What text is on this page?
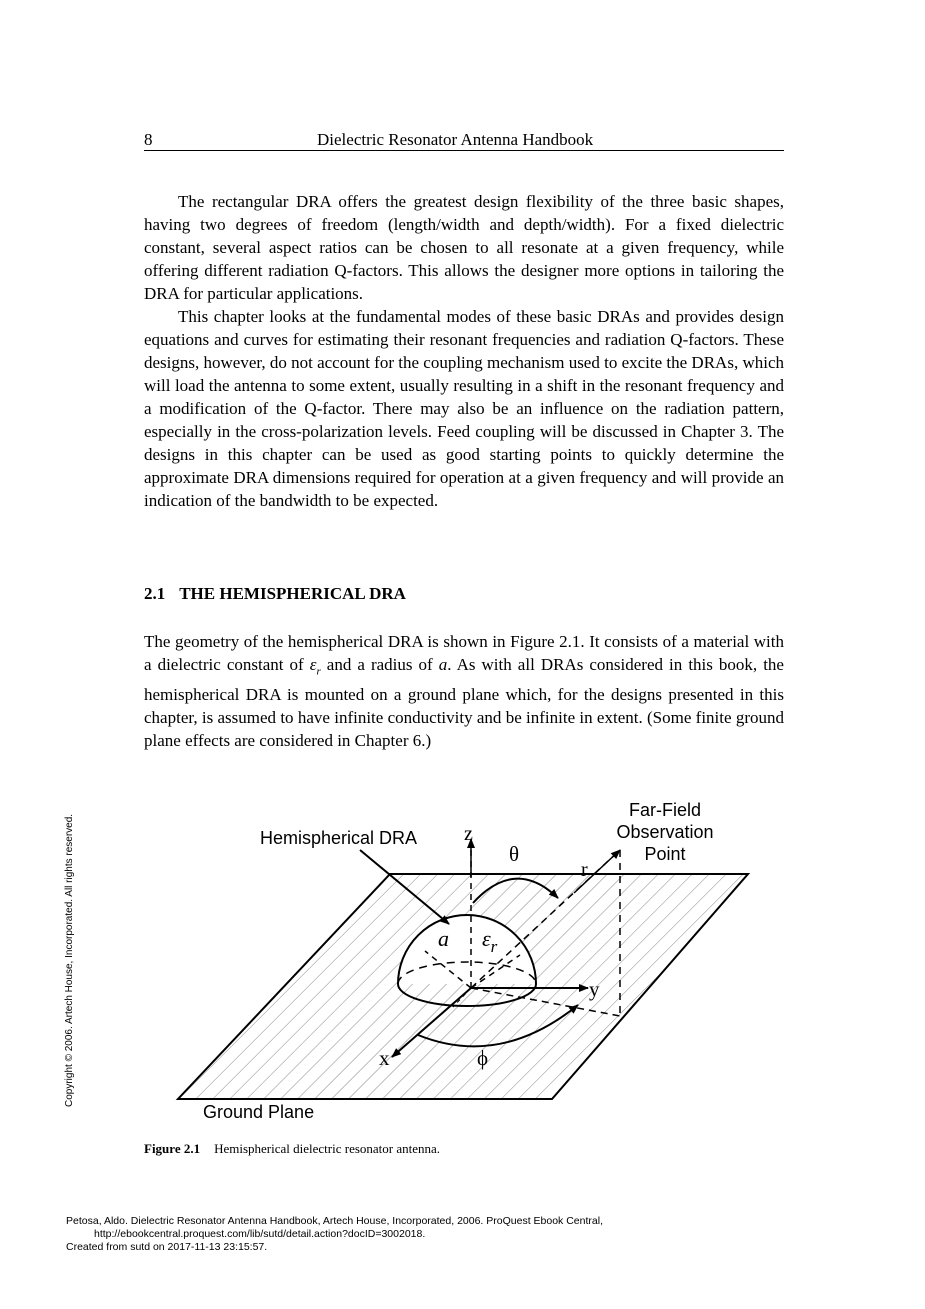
8	Dielectric Resonator Antenna Handbook

The rectangular DRA offers the greatest design flexibility of the three basic shapes, having two degrees of freedom (length/width and depth/width). For a fixed dielectric constant, several aspect ratios can be chosen to all resonate at a given frequency, while offering different radiation Q-factors. This allows the designer more options in tailoring the DRA for particular applications.

This chapter looks at the fundamental modes of these basic DRAs and provides design equations and curves for estimating their resonant frequencies and radiation Q-factors. These designs, however, do not account for the coupling mechanism used to excite the DRAs, which will load the antenna to some extent, usually resulting in a shift in the resonant frequency and a modification of the Q-factor. There may also be an influence on the radiation pattern, especially in the cross-polarization levels. Feed coupling will be discussed in Chapter 3. The designs in this chapter can be used as good starting points to quickly determine the approximate DRA dimensions required for operation at a given frequency and will provide an indication of the bandwidth to be expected.

2.1 THE HEMISPHERICAL DRA

The geometry of the hemispherical DRA is shown in Figure 2.1. It consists of a material with a dielectric constant of $\varepsilon_r$ and a radius of a. As with all DRAs considered in this book, the hemispherical DRA is mounted on a ground plane which, for the designs presented in this chapter, is assumed to have infinite conductivity and be infinite in extent. (Some finite ground plane effects are considered in Chapter 6.)

Copyright © 2006. Artech House, Incorporated. All rights reserved.
Far-Field
Observation
Point
Hemispherical DRA z
θ
r
a $\varepsilon_r$
y
x	ϕ
Ground Plane
Figure 2.1 Hemispherical dielectric resonator antenna.
Petosa, Aldo. Dielectric Resonator Antenna Handbook, Artech House, Incorporated, 2006. ProQuest Ebook Central,
http://ebookcentral.proquest.com/lib/sutd/detail.action?docID=3002018.
Created from sutd on 2017-11-13 23:15:57.
